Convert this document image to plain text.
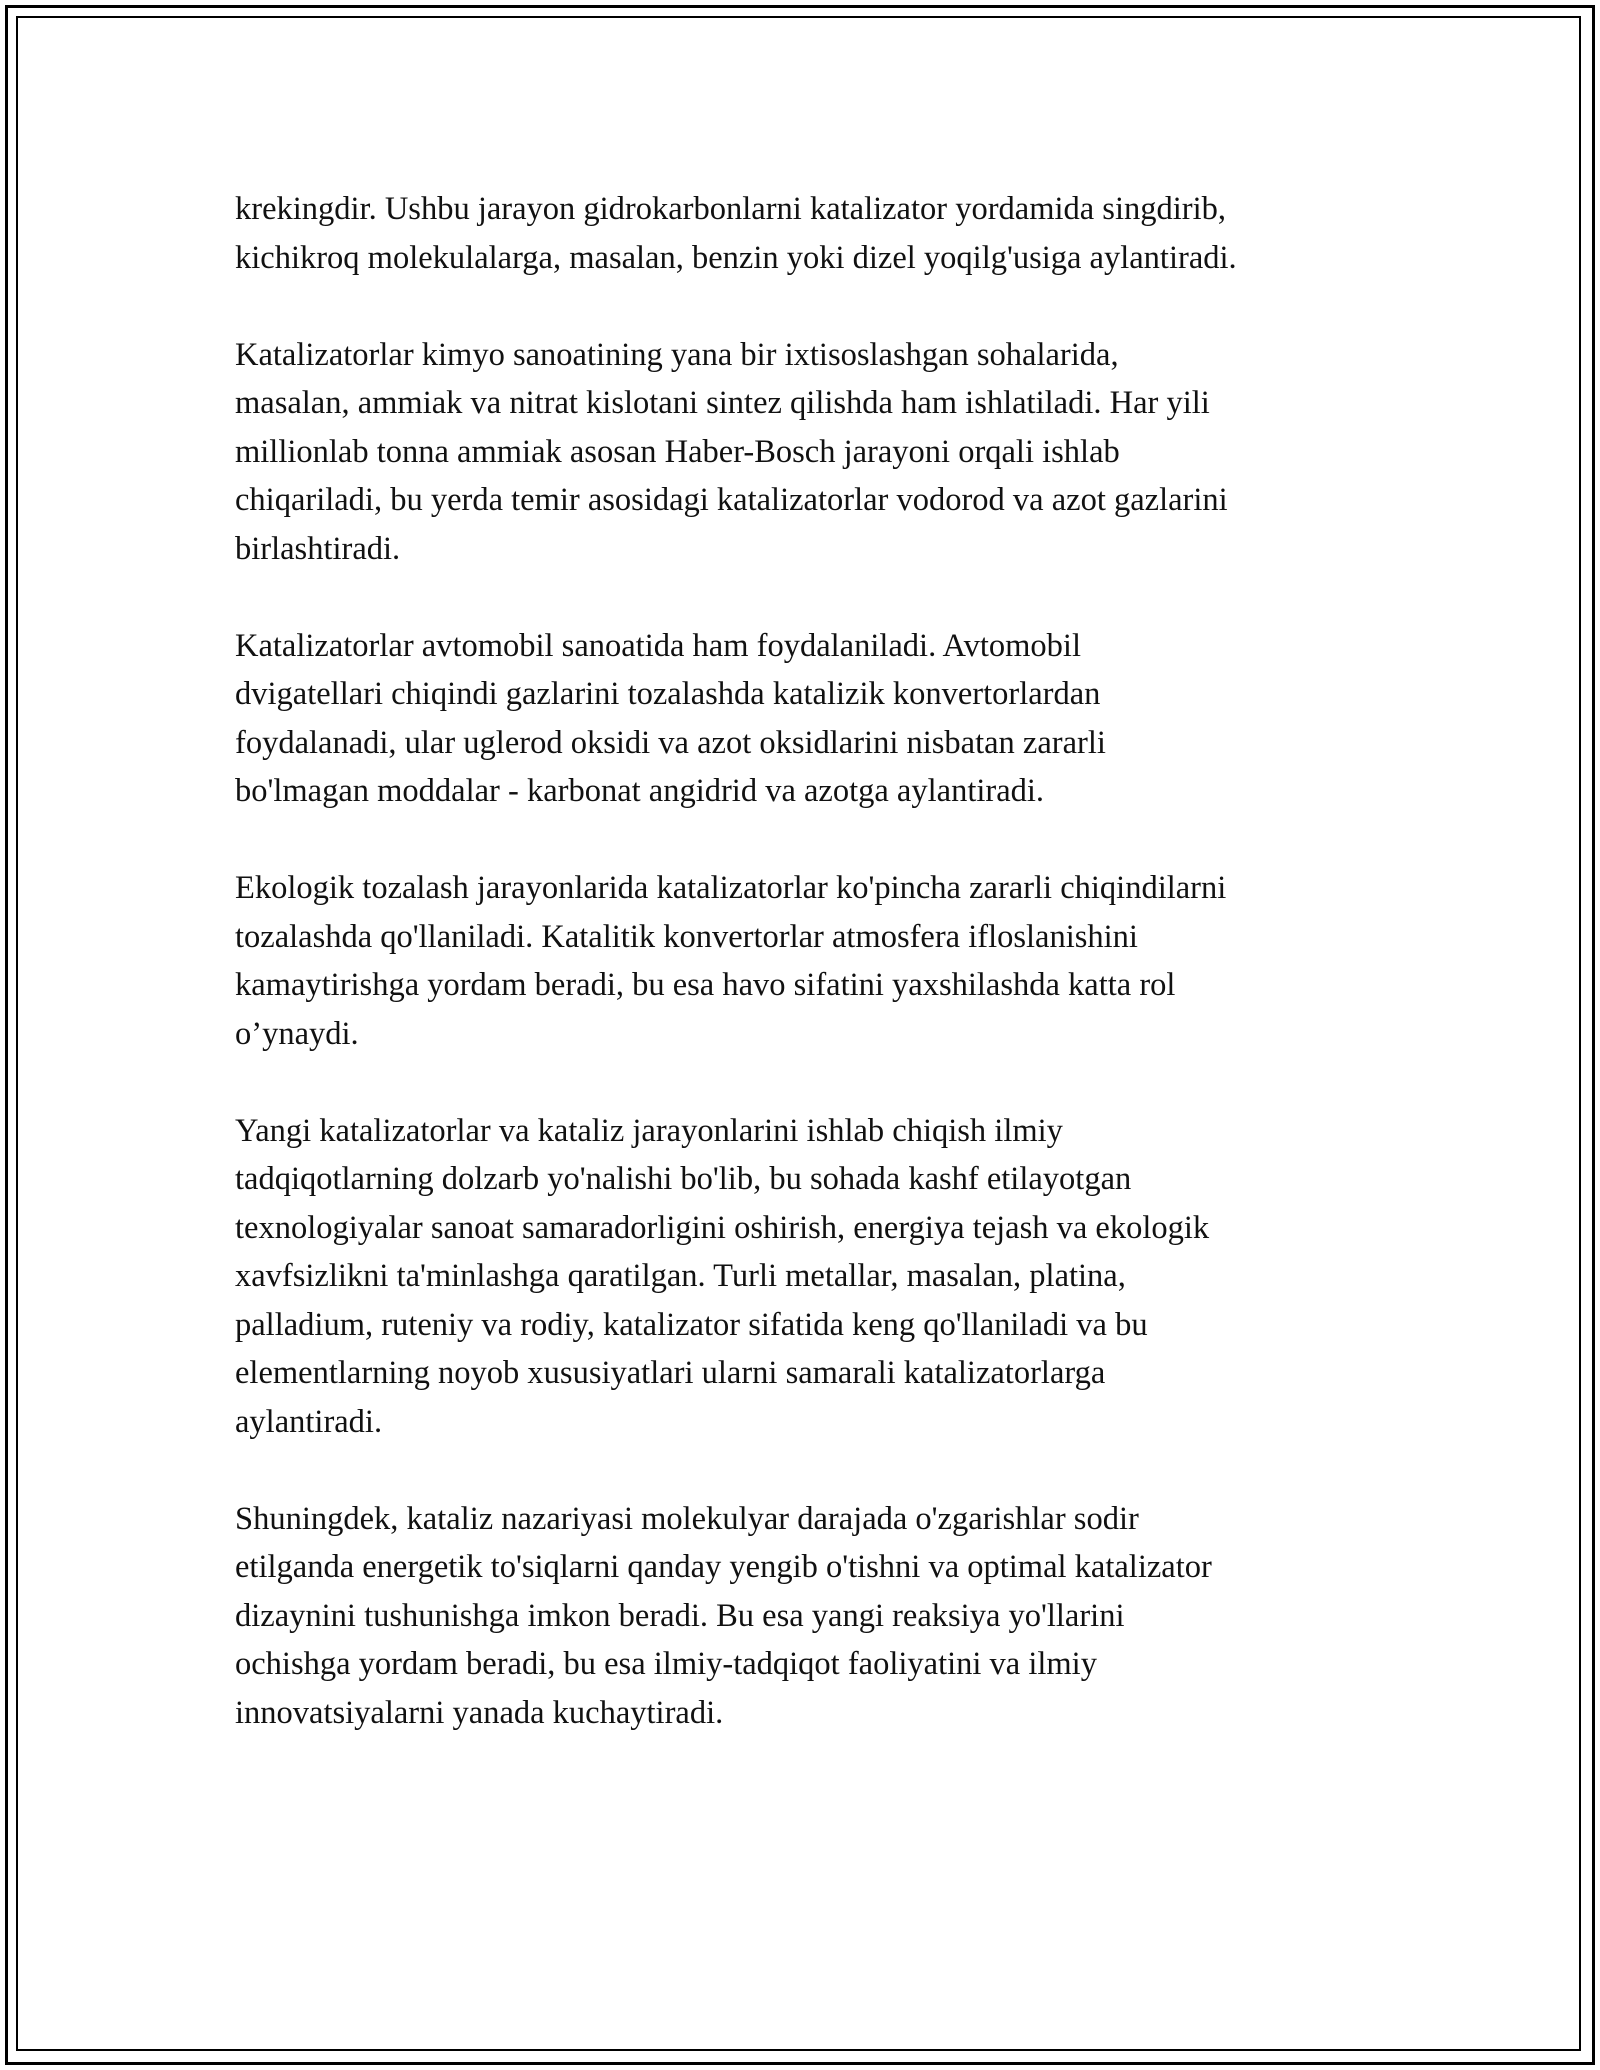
krekingdir. Ushbu jarayon gidrokarbonlarni katalizator yordamida singdirib,
kichikroq molekulalarga, masalan, benzin yoki dizel yoqilg'usiga aylantiradi.

Katalizatorlar kimyo sanoatining yana bir ixtisoslashgan sohalarida,
masalan, ammiak va nitrat kislotani sintez qilishda ham ishlatiladi. Har yili
millionlab tonna ammiak asosan Haber-Bosch jarayoni orqali ishlab
chiqariladi, bu yerda temir asosidagi katalizatorlar vodorod va azot gazlarini
birlashtiradi.

Katalizatorlar avtomobil sanoatida ham foydalaniladi. Avtomobil
dvigatellari chiqindi gazlarini tozalashda katalizik konvertorlardan
foydalanadi, ular uglerod oksidi va azot oksidlarini nisbatan zararli
bo'lmagan moddalar - karbonat angidrid va azotga aylantiradi.

Ekologik tozalash jarayonlarida katalizatorlar ko'pincha zararli chiqindilarni
tozalashda qo'llaniladi. Katalitik konvertorlar atmosfera ifloslanishini
kamaytirishga yordam beradi, bu esa havo sifatini yaxshilashda katta rol
o’ynaydi.

Yangi katalizatorlar va kataliz jarayonlarini ishlab chiqish ilmiy
tadqiqotlarning dolzarb yo'nalishi bo'lib, bu sohada kashf etilayotgan
texnologiyalar sanoat samaradorligini oshirish, energiya tejash va ekologik
xavfsizlikni ta'minlashga qaratilgan. Turli metallar, masalan, platina,
palladium, ruteniy va rodiy, katalizator sifatida keng qo'llaniladi va bu
elementlarning noyob xususiyatlari ularni samarali katalizatorlarga
aylantiradi.

Shuningdek, kataliz nazariyasi molekulyar darajada o'zgarishlar sodir
etilganda energetik to'siqlarni qanday yengib o'tishni va optimal katalizator
dizaynini tushunishga imkon beradi. Bu esa yangi reaksiya yo'llarini
ochishga yordam beradi, bu esa ilmiy-tadqiqot faoliyatini va ilmiy
innovatsiyalarni yanada kuchaytiradi.
